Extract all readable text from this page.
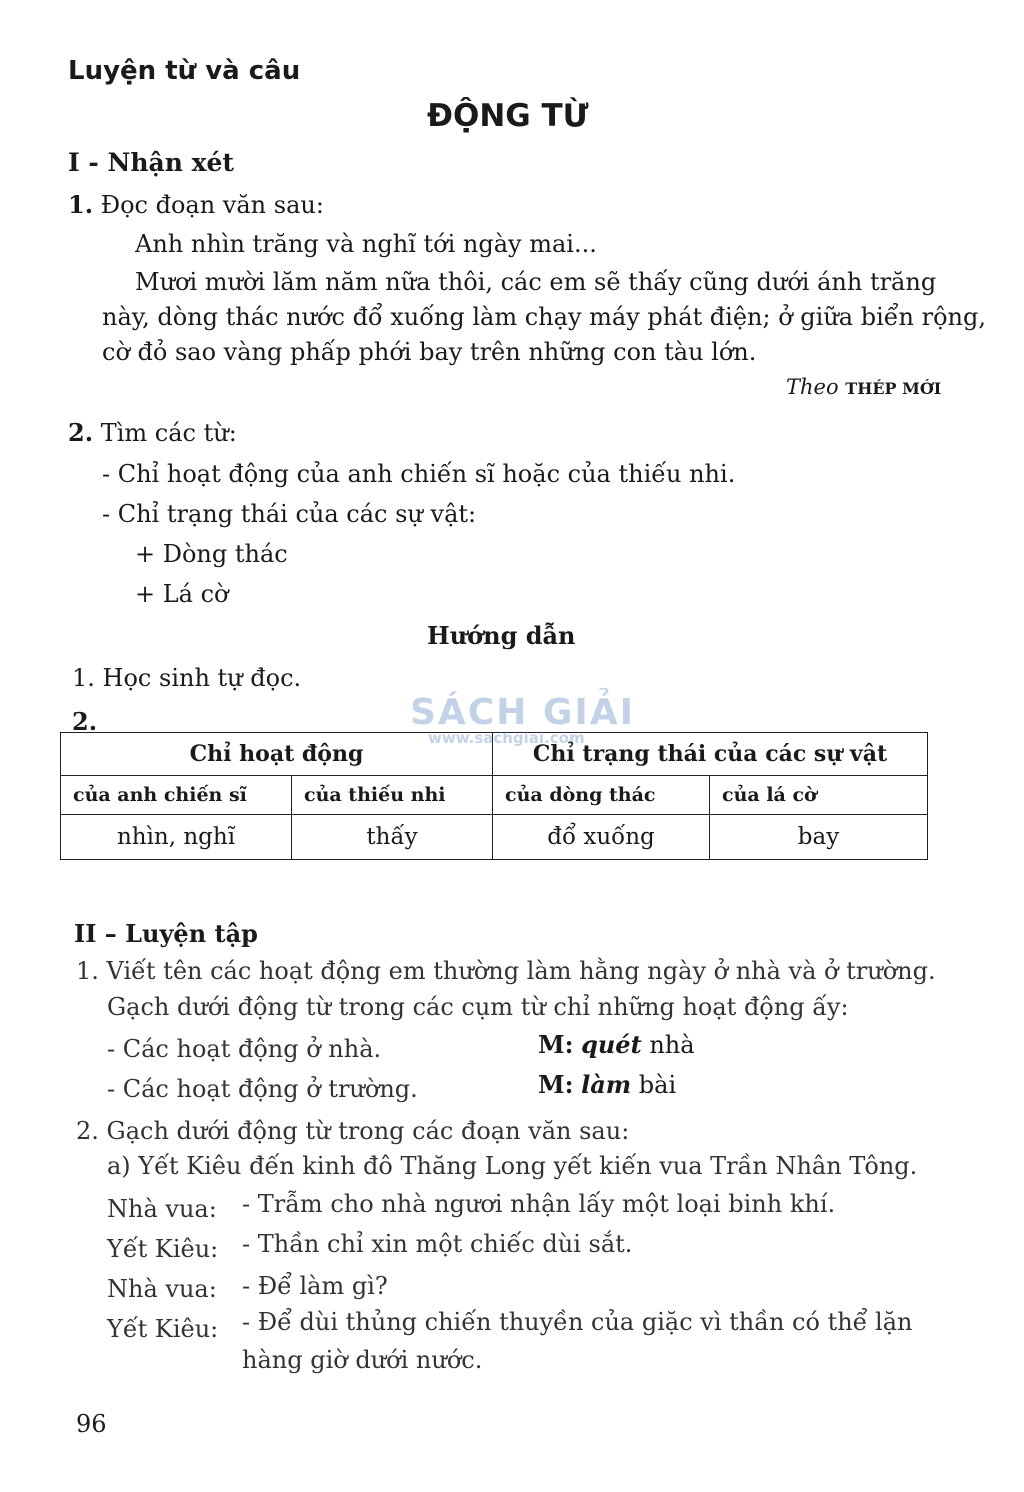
Luyện từ và câu
ĐỘNG TỪ
I - Nhận xét
1. Đọc đoạn văn sau:
Anh nhìn trăng và nghĩ tới ngày mai...
Mươi mười lăm năm nữa thôi, các em sẽ thấy cũng dưới ánh trăng
này, dòng thác nước đổ xuống làm chạy máy phát điện; ở giữa biển rộng,
cờ đỏ sao vàng phấp phới bay trên những con tàu lớn.
Theo THÉP MỚI
2. Tìm các từ:
- Chỉ hoạt động của anh chiến sĩ hoặc của thiếu nhi.
- Chỉ trạng thái của các sự vật:
+ Dòng thác
+ Lá cờ
Hướng dẫn
1. Học sinh tự đọc.
2.
Chỉ hoạt động		Chỉ trạng thái của các sự vật	
của anh chiến sĩ	của thiếu nhi	của dòng thác	của lá cờ
nhìn, nghĩ	thấy	đổ xuống	bay
SÁCH GIẢI
www.sachgiai.com
II – Luyện tập
1. Viết tên các hoạt động em thường làm hằng ngày ở nhà và ở trường.
Gạch dưới động từ trong các cụm từ chỉ những hoạt động ấy:
- Các hoạt động ở nhà.	M: quét nhà
- Các hoạt động ở trường.	M: làm bài
2. Gạch dưới động từ trong các đoạn văn sau:
a) Yết Kiêu đến kinh đô Thăng Long yết kiến vua Trần Nhân Tông.
Nhà vua: - Trẫm cho nhà ngươi nhận lấy một loại binh khí.
Yết Kiêu: - Thần chỉ xin một chiếc dùi sắt.
Nhà vua: - Để làm gì?
Yết Kiêu: - Để dùi thủng chiến thuyền của giặc vì thần có thể lặn
hàng giờ dưới nước.
96
